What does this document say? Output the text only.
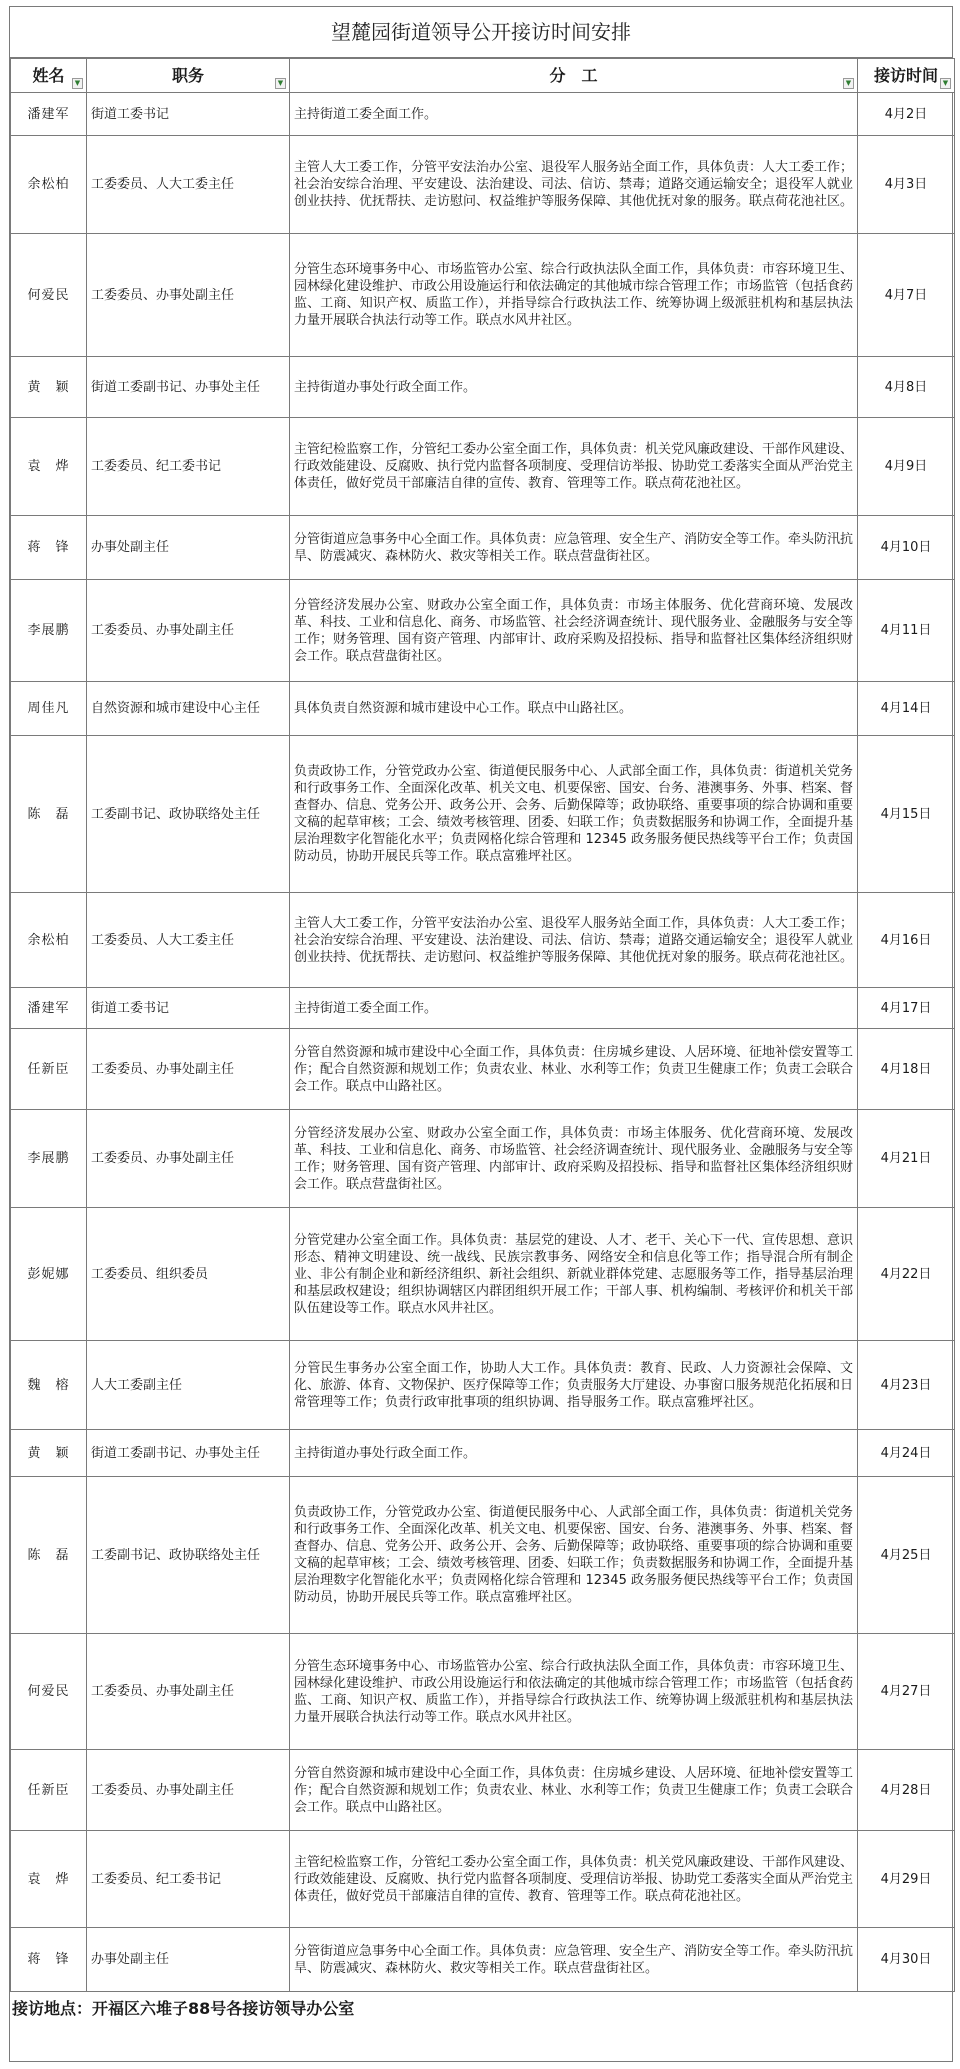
望麓园街道领导公开接访时间安排
姓名 ▼	职务 ▼	分　工 ▼	接访时间 ▼

潘建军	街道工委书记	主持街道工委全面工作。	4月2日
余松柏	工委委员、人大工委主任	主管人大工委工作，分管平安法治办公室、退役军人服务站全面工作，具体负责：人大工委工作；社会治安综合治理、平安建设、法治建设、司法、信访、禁毒；道路交通运输安全；退役军人就业创业扶持、优抚帮扶、走访慰问、权益维护等服务保障、其他优抚对象的服务。联点荷花池社区。	4月3日
何爱民	工委委员、办事处副主任	分管生态环境事务中心、市场监管办公室、综合行政执法队全面工作，具体负责：市容环境卫生、园林绿化建设维护、市政公用设施运行和依法确定的其他城市综合管理工作；市场监管（包括食药监、工商、知识产权、质监工作），并指导综合行政执法工作、统筹协调上级派驻机构和基层执法力量开展联合执法行动等工作。联点水风井社区。	4月7日
黄　颖	街道工委副书记、办事处主任	主持街道办事处行政全面工作。	4月8日
袁　烨	工委委员、纪工委书记	主管纪检监察工作，分管纪工委办公室全面工作，具体负责：机关党风廉政建设、干部作风建设、行政效能建设、反腐败、执行党内监督各项制度、受理信访举报、协助党工委落实全面从严治党主体责任，做好党员干部廉洁自律的宣传、教育、管理等工作。联点荷花池社区。	4月9日
蒋　锋	办事处副主任	分管街道应急事务中心全面工作。具体负责：应急管理、安全生产、消防安全等工作。牵头防汛抗旱、防震减灾、森林防火、救灾等相关工作。联点营盘街社区。	4月10日
李展鹏	工委委员、办事处副主任	分管经济发展办公室、财政办公室全面工作，具体负责：市场主体服务、优化营商环境、发展改革、科技、工业和信息化、商务、市场监管、社会经济调查统计、现代服务业、金融服务与安全等工作；财务管理、国有资产管理、内部审计、政府采购及招投标、指导和监督社区集体经济组织财会工作。联点营盘街社区。	4月11日
周佳凡	自然资源和城市建设中心主任	具体负责自然资源和城市建设中心工作。联点中山路社区。	4月14日
陈　磊	工委副书记、政协联络处主任	负责政协工作，分管党政办公室、街道便民服务中心、人武部全面工作，具体负责：街道机关党务和行政事务工作、全面深化改革、机关文电、机要保密、国安、台务、港澳事务、外事、档案、督查督办、信息、党务公开、政务公开、会务、后勤保障等；政协联络、重要事项的综合协调和重要文稿的起草审核；工会、绩效考核管理、团委、妇联工作；负责数据服务和协调工作，全面提升基层治理数字化智能化水平；负责网格化综合管理和 12345 政务服务便民热线等平台工作；负责国防动员，协助开展民兵等工作。联点富雅坪社区。	4月15日
余松柏	工委委员、人大工委主任	主管人大工委工作，分管平安法治办公室、退役军人服务站全面工作，具体负责：人大工委工作；社会治安综合治理、平安建设、法治建设、司法、信访、禁毒；道路交通运输安全；退役军人就业创业扶持、优抚帮扶、走访慰问、权益维护等服务保障、其他优抚对象的服务。联点荷花池社区。	4月16日
潘建军	街道工委书记	主持街道工委全面工作。	4月17日
任新臣	工委委员、办事处副主任	分管自然资源和城市建设中心全面工作，具体负责：住房城乡建设、人居环境、征地补偿安置等工作；配合自然资源和规划工作；负责农业、林业、水利等工作；负责卫生健康工作；负责工会联合会工作。联点中山路社区。	4月18日
李展鹏	工委委员、办事处副主任	分管经济发展办公室、财政办公室全面工作，具体负责：市场主体服务、优化营商环境、发展改革、科技、工业和信息化、商务、市场监管、社会经济调查统计、现代服务业、金融服务与安全等工作；财务管理、国有资产管理、内部审计、政府采购及招投标、指导和监督社区集体经济组织财会工作。联点营盘街社区。	4月21日
彭妮娜	工委委员、组织委员	分管党建办公室全面工作。具体负责：基层党的建设、人才、老干、关心下一代、宣传思想、意识形态、精神文明建设、统一战线、民族宗教事务、网络安全和信息化等工作；指导混合所有制企业、非公有制企业和新经济组织、新社会组织、新就业群体党建、志愿服务等工作，指导基层治理和基层政权建设；组织协调辖区内群团组织开展工作；干部人事、机构编制、考核评价和机关干部队伍建设等工作。联点水风井社区。	4月22日
魏　榕	人大工委副主任	分管民生事务办公室全面工作，协助人大工作。具体负责：教育、民政、人力资源社会保障、文化、旅游、体育、文物保护、医疗保障等工作；负责服务大厅建设、办事窗口服务规范化拓展和日常管理等工作；负责行政审批事项的组织协调、指导服务工作。联点富雅坪社区。	4月23日
黄　颖	街道工委副书记、办事处主任	主持街道办事处行政全面工作。	4月24日
陈　磊	工委副书记、政协联络处主任	负责政协工作，分管党政办公室、街道便民服务中心、人武部全面工作，具体负责：街道机关党务和行政事务工作、全面深化改革、机关文电、机要保密、国安、台务、港澳事务、外事、档案、督查督办、信息、党务公开、政务公开、会务、后勤保障等；政协联络、重要事项的综合协调和重要文稿的起草审核；工会、绩效考核管理、团委、妇联工作；负责数据服务和协调工作，全面提升基层治理数字化智能化水平；负责网格化综合管理和 12345 政务服务便民热线等平台工作；负责国防动员，协助开展民兵等工作。联点富雅坪社区。	4月25日
何爱民	工委委员、办事处副主任	分管生态环境事务中心、市场监管办公室、综合行政执法队全面工作，具体负责：市容环境卫生、园林绿化建设维护、市政公用设施运行和依法确定的其他城市综合管理工作；市场监管（包括食药监、工商、知识产权、质监工作），并指导综合行政执法工作、统筹协调上级派驻机构和基层执法力量开展联合执法行动等工作。联点水风井社区。	4月27日
任新臣	工委委员、办事处副主任	分管自然资源和城市建设中心全面工作，具体负责：住房城乡建设、人居环境、征地补偿安置等工作；配合自然资源和规划工作；负责农业、林业、水利等工作；负责卫生健康工作；负责工会联合会工作。联点中山路社区。	4月28日
袁　烨	工委委员、纪工委书记	主管纪检监察工作，分管纪工委办公室全面工作，具体负责：机关党风廉政建设、干部作风建设、行政效能建设、反腐败、执行党内监督各项制度、受理信访举报、协助党工委落实全面从严治党主体责任，做好党员干部廉洁自律的宣传、教育、管理等工作。联点荷花池社区。	4月29日
蒋　锋	办事处副主任	分管街道应急事务中心全面工作。具体负责：应急管理、安全生产、消防安全等工作。牵头防汛抗旱、防震减灾、森林防火、救灾等相关工作。联点营盘街社区。	4月30日
接访地点：开福区六堆子88号各接访领导办公室
